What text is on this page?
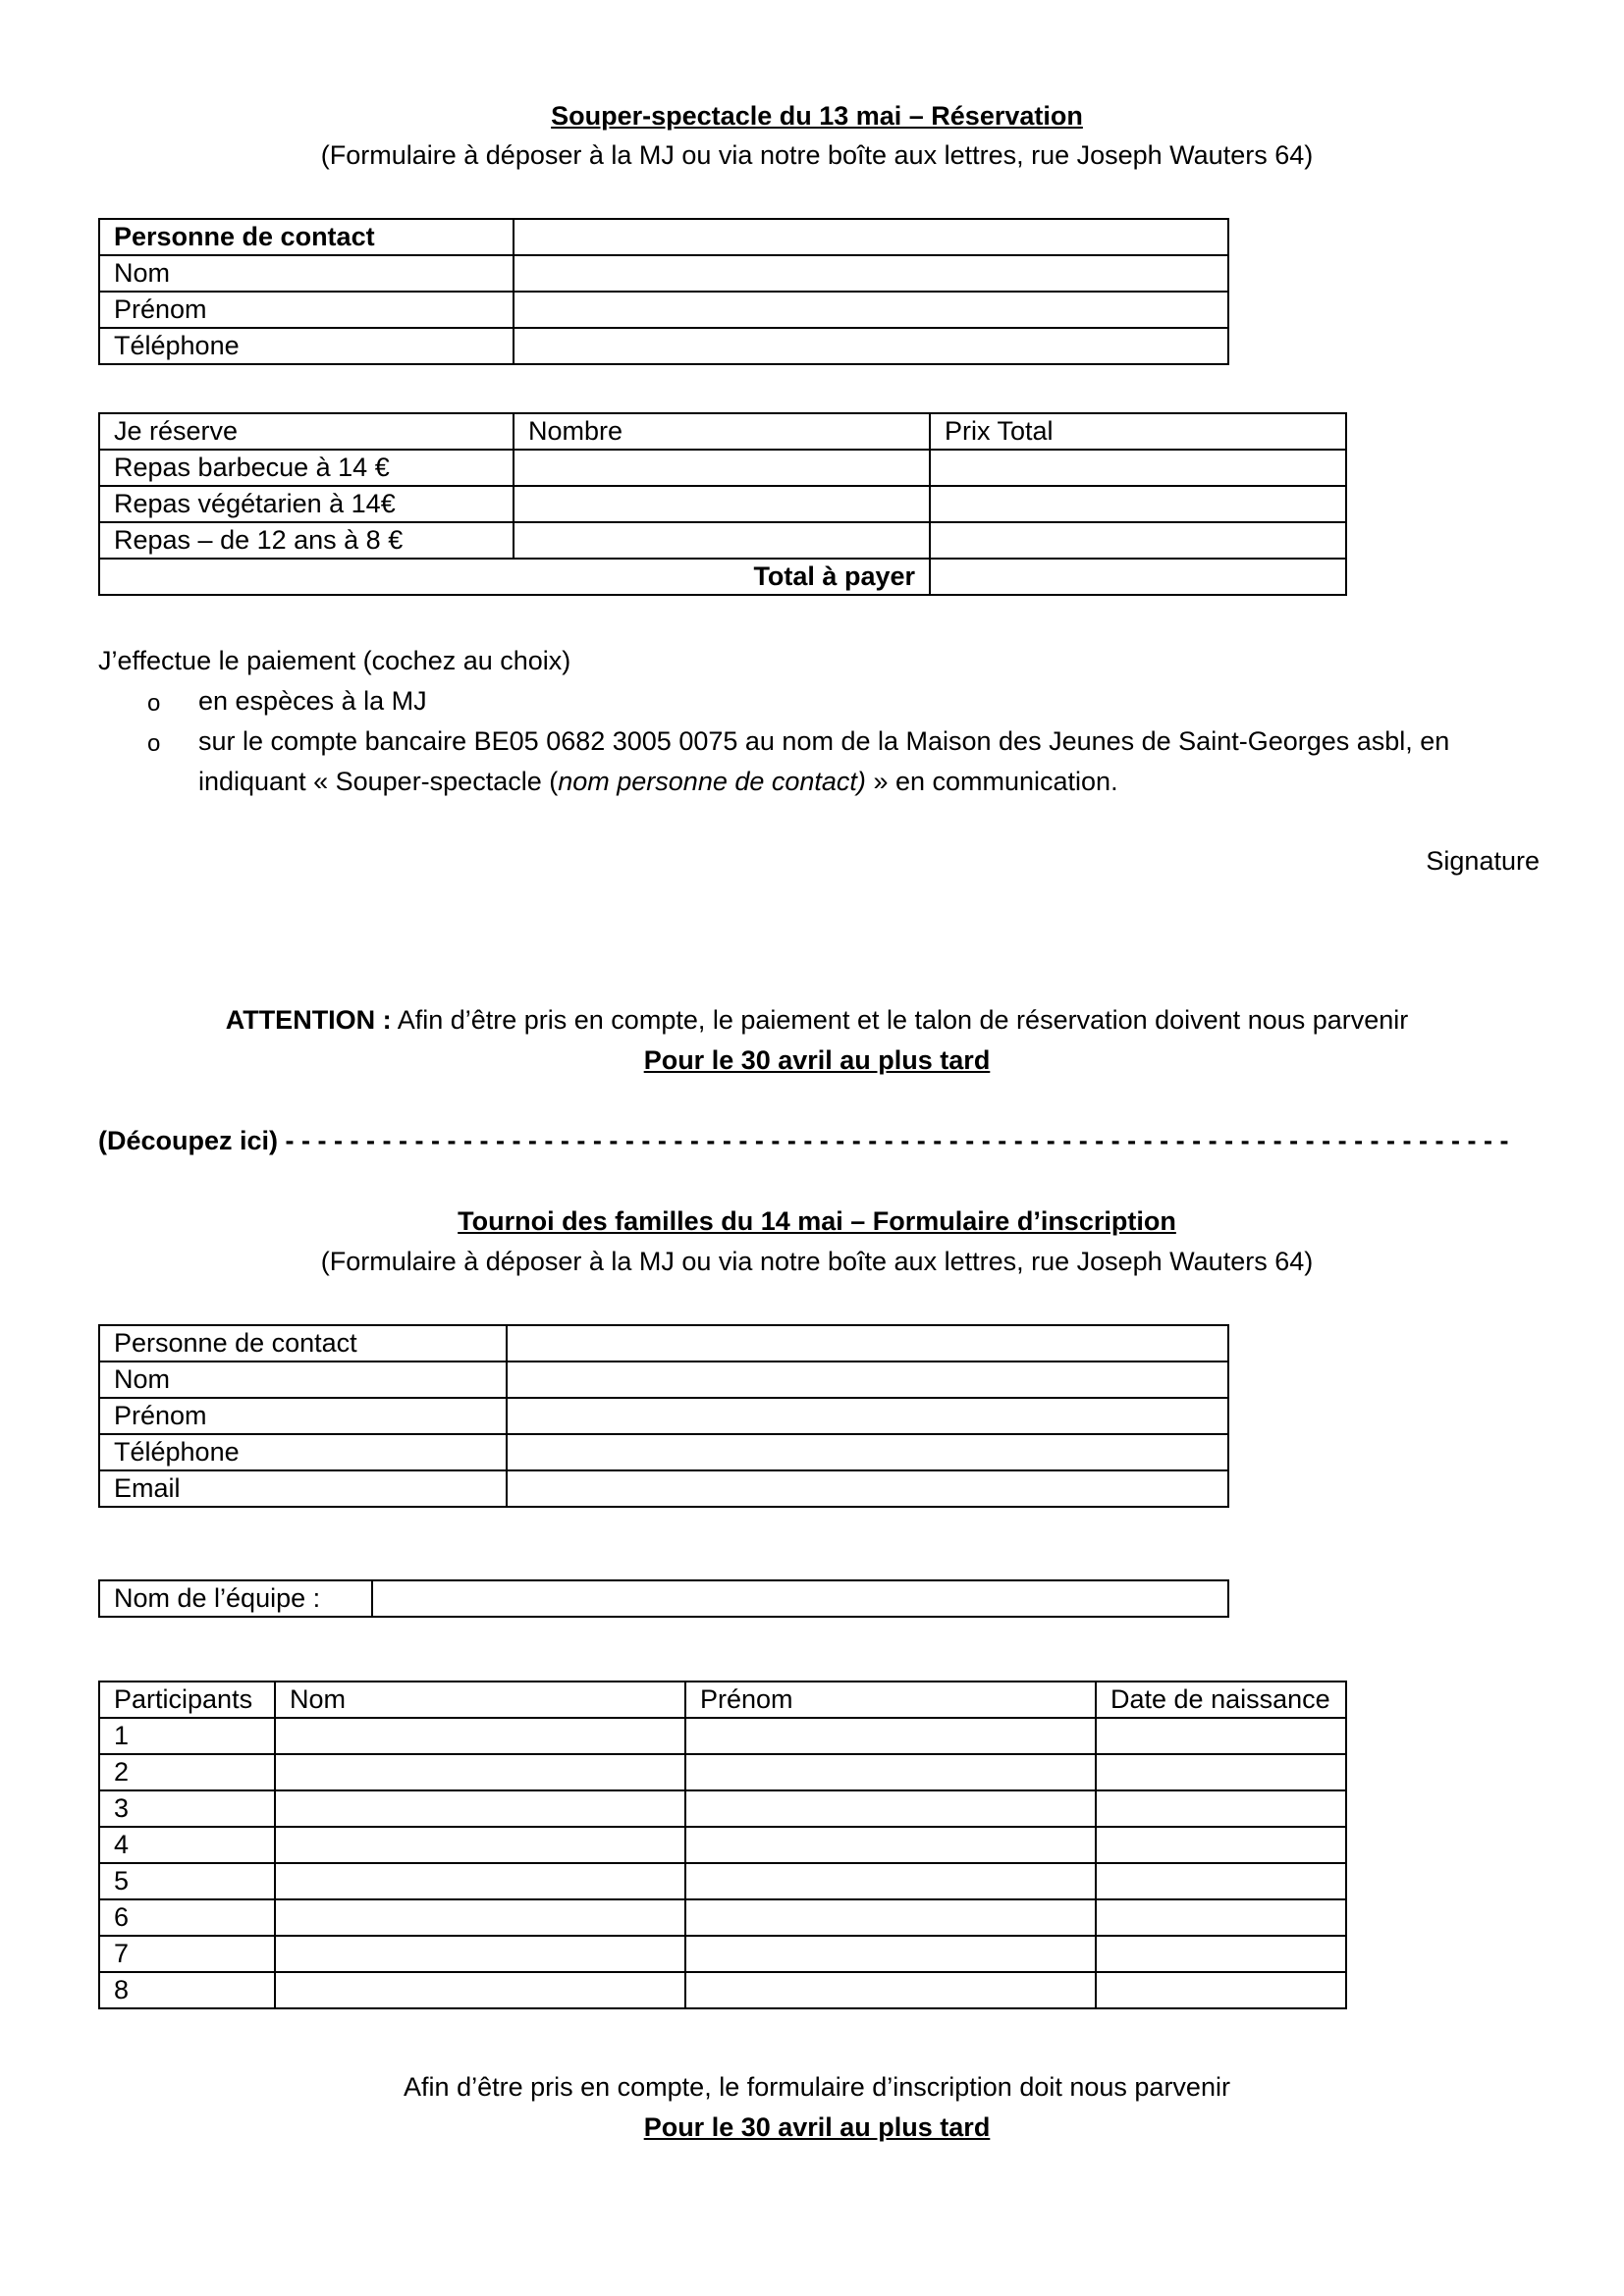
Souper-spectacle du 13 mai – Réservation
(Formulaire à déposer à la MJ ou via notre boîte aux lettres, rue Joseph Wauters 64)
Personne de contact	
Nom	
Prénom	
Téléphone	
Je réserve	Nombre	Prix Total
Repas barbecue à 14 €		
Repas végétarien à 14€		
Repas – de 12 ans à 8 €		
Total à payer		
J’effectue le paiement (cochez au choix)
o en espèces à la MJ
o sur le compte bancaire BE05 0682 3005 0075 au nom de la Maison des Jeunes de Saint-Georges asbl, en
indiquant « Souper-spectacle (nom personne de contact) » en communication.
Signature
ATTENTION : Afin d’être pris en compte, le paiement et le talon de réservation doivent nous parvenir
Pour le 30 avril au plus tard
(Découpez ici) - - - - - - - - - - - - - - - - - - - - - - - - - - - - - - - - - - - - - - - - - - - - - - - - - - - - - - - - - - - - - - - - - - - - - - - - - - - -
Tournoi des familles du 14 mai – Formulaire d’inscription
(Formulaire à déposer à la MJ ou via notre boîte aux lettres, rue Joseph Wauters 64)
Personne de contact	
Nom	
Prénom	
Téléphone	
Email	
Nom de l’équipe :	
Participants	Nom	Prénom	Date de naissance
1			
2			
3			
4			
5			
6			
7			
8			
Afin d’être pris en compte, le formulaire d’inscription doit nous parvenir
Pour le 30 avril au plus tard
